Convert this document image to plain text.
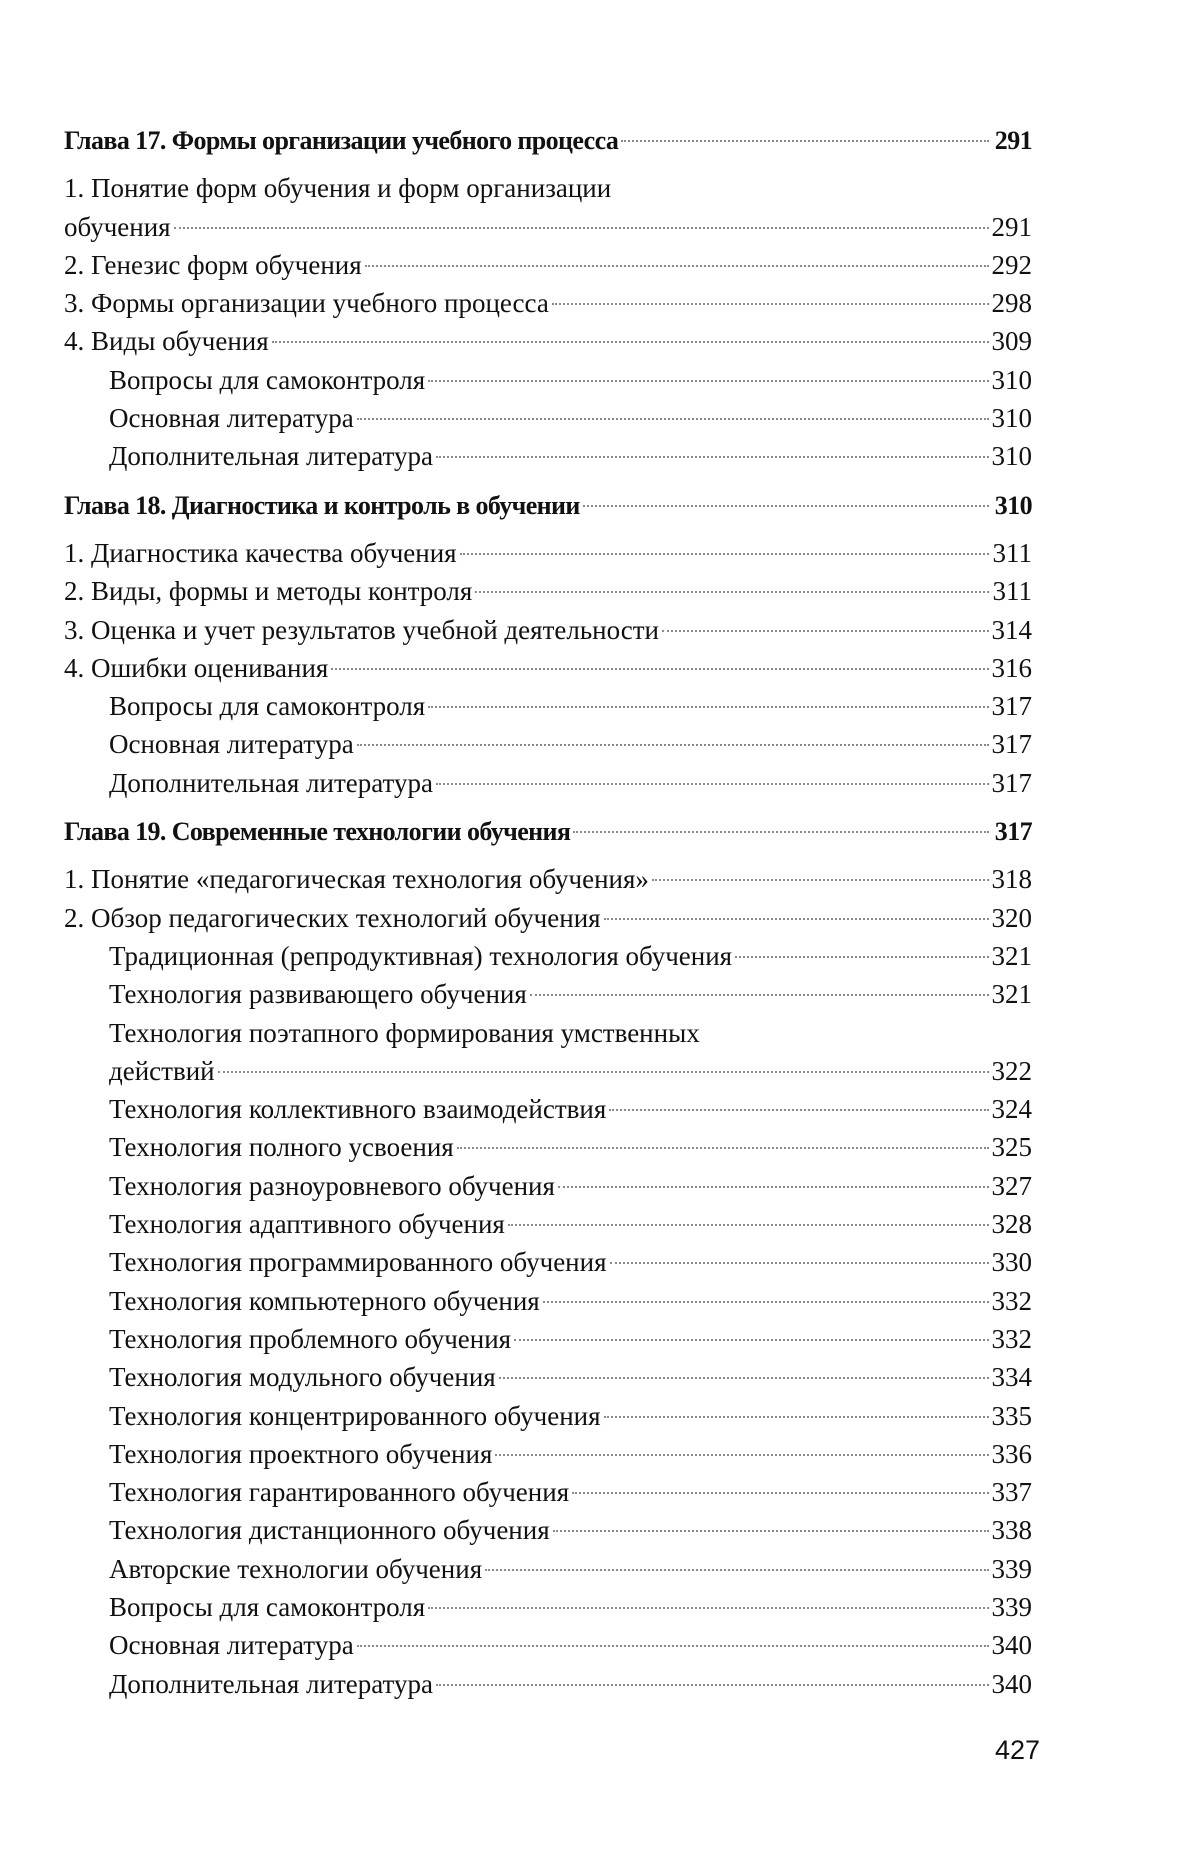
Глава 17. Формы организации учебного процесса	291
1. Понятие форм обучения и форм организации
обучения	291
2. Генезис форм обучения	292
3. Формы организации учебного процесса	298
4. Виды обучения	309
Вопросы для самоконтроля	310
Основная литература	310
Дополнительная литература	310
Глава 18. Диагностика и контроль в обучении	310
1. Диагностика качества обучения	311
2. Виды, формы и методы контроля	311
3. Оценка и учет результатов учебной деятельности	314
4. Ошибки оценивания	316
Вопросы для самоконтроля	317
Основная литература	317
Дополнительная литература	317
Глава 19. Современные технологии обучения	317
1. Понятие «педагогическая технология обучения»	318
2. Обзор педагогических технологий обучения	320
Традиционная (репродуктивная) технология обучения	321
Технология развивающего обучения	321
Технология поэтапного формирования умственных
действий	322
Технология коллективного взаимодействия	324
Технология полного усвоения	325
Технология разноуровневого обучения	327
Технология адаптивного обучения	328
Технология программированного обучения	330
Технология компьютерного обучения	332
Технология проблемного обучения	332
Технология модульного обучения	334
Технология концентрированного обучения	335
Технология проектного обучения	336
Технология гарантированного обучения	337
Технология дистанционного обучения	338
Авторские технологии обучения	339
Вопросы для самоконтроля	339
Основная литература	340
Дополнительная литература	340
427
